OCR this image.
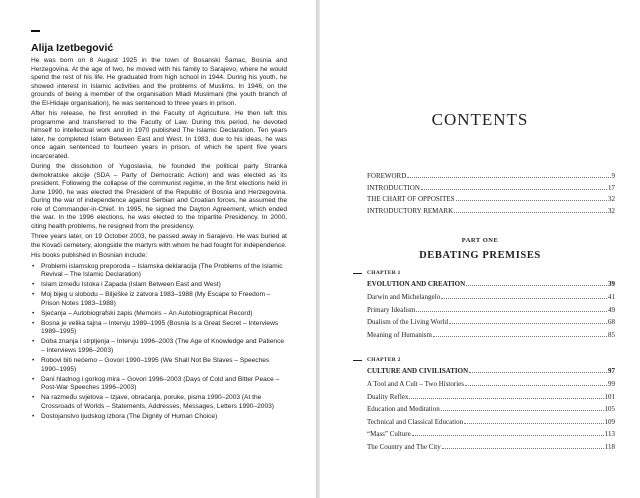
Alija Izetbegović

He was born on 8 August 1925 in the town of Bosanski Šamac, Bosnia and Herzegovina. At the age of two, he moved with his family to Sarajevo, where he would spend the rest of his life. He graduated from high school in 1944. During his youth, he showed interest in Islamic activities and the problems of Muslims. In 1946, on the grounds of being a member of the organisation Mladi Muslimani (the youth branch of the El-Hidaje organisation), he was sentenced to three years in prison.

After his release, he first enrolled in the Faculty of Agriculture. He then left this programme and transferred to the Faculty of Law. During this period, he devoted himself to intellectual work and in 1970 published The Islamic Declaration. Ten years later, he completed Islam Between East and West. In 1983, due to his ideas, he was once again sentenced to fourteen years in prison, of which he spent five years incarcerated.

During the dissolution of Yugoslavia, he founded the political party Stranka demokratske akcije (SDA – Party of Democratic Action) and was elected as its president. Following the collapse of the communist regime, in the first elections held in June 1990, he was elected the President of the Republic of Bosnia and Herzegovina. During the war of independence against Serbian and Croatian forces, he assumed the role of Commander-in-Chief. In 1995, he signed the Dayton Agreement, which ended the war. In the 1996 elections, he was elected to the tripartite Presidency. In 2000, citing health problems, he resigned from the presidency.

Three years later, on 19 October 2003, he passed away in Sarajevo. He was buried at the Kovači cemetery, alongside the martyrs with whom he had fought for independence.

His books published in Bosnian include:

• Problemi islamskog preporoda – Islamska deklaracija (The Problems of the Islamic Revival – The Islamic Declaration)
• Islam između Istoka i Zapada (Islam Between East and West)
• Moj bijeg u slobodu – Bilješke iz zatvora 1983–1988 (My Escape to Freedom – Prison Notes 1983–1988)
• Sjećanja – Autobiografski zapis (Memoirs – An Autobiographical Record)
• Bosna je velika tajna – Intervju 1989–1995 (Bosnia Is a Great Secret – Interviews 1989–1995)
• Doba znanja i strpljenja – Intervju 1996–2003 (The Age of Knowledge and Patience – Interviews 1996–2003)
• Robovi biti nećemo – Govori 1990–1995 (We Shall Not Be Slaves – Speeches 1990–1995)
• Dani hladnog i gorkog mira – Govori 1996–2003 (Days of Cold and Bitter Peace – Post-War Speeches 1996–2003)
• Na razmeđu svjetova – Izjave, obraćanja, poruke, pisma 1990–2003 (At the Crossroads of Worlds – Statements, Addresses, Messages, Letters 1990–2003)
• Dostojanstvo ljudskog izbora (The Dignity of Human Choice)
CONTENTS
FOREWORD	9
INTRODUCTION	17
THE CHART OF OPPOSITES	32
INTRODUCTORY REMARK	32
PART ONE
DEBATING PREMISES
CHAPTER 1
EVOLUTION AND CREATION	39
Darwin and Michelangelo	41
Primary Idealism	49
Dualism of the Living World	68
Meaning of Humanism	85
CHAPTER 2
CULTURE AND CIVILISATION	97
A Tool and A Cult – Two Histories	99
Duality Reflex	101
Education and Meditation	105
Technical and Classical Education	109
“Mass” Culture	113
The Country and The City	118
